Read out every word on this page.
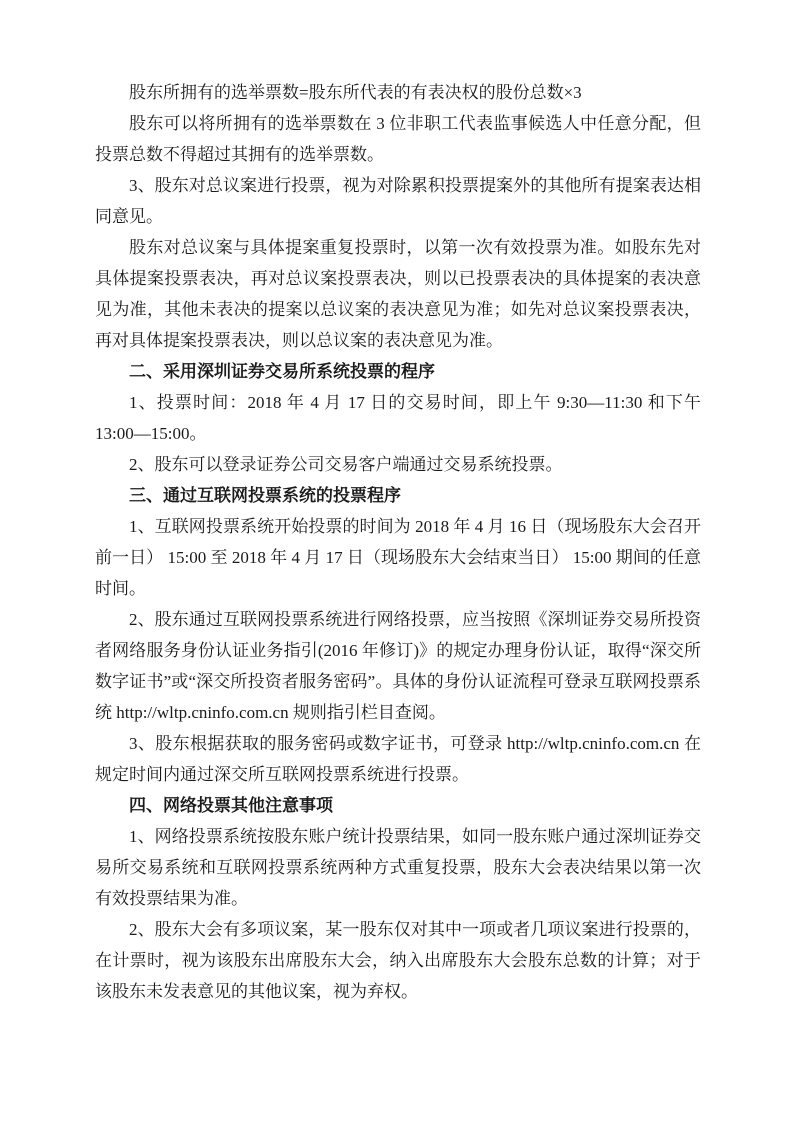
股东所拥有的选举票数=股东所代表的有表决权的股份总数×3

股东可以将所拥有的选举票数在 3 位非职工代表监事候选人中任意分配，但投票总数不得超过其拥有的选举票数。

3、股东对总议案进行投票，视为对除累积投票提案外的其他所有提案表达相同意见。

股东对总议案与具体提案重复投票时，以第一次有效投票为准。如股东先对具体提案投票表决，再对总议案投票表决，则以已投票表决的具体提案的表决意见为准，其他未表决的提案以总议案的表决意见为准；如先对总议案投票表决，再对具体提案投票表决，则以总议案的表决意见为准。

二、采用深圳证券交易所系统投票的程序

1、投票时间：2018 年 4 月 17 日的交易时间，即上午 9:30—11:30 和下午 13:00—15:00。

2、股东可以登录证券公司交易客户端通过交易系统投票。

三、通过互联网投票系统的投票程序

1、互联网投票系统开始投票的时间为 2018 年 4 月 16 日（现场股东大会召开前一日） 15:00 至 2018 年 4 月 17 日（现场股东大会结束当日） 15:00 期间的任意时间。

2、股东通过互联网投票系统进行网络投票，应当按照《深圳证券交易所投资者网络服务身份认证业务指引(2016 年修订)》的规定办理身份认证，取得“深交所数字证书”或“深交所投资者服务密码”。具体的身份认证流程可登录互联网投票系统 http://wltp.cninfo.com.cn 规则指引栏目查阅。

3、股东根据获取的服务密码或数字证书，可登录 http://wltp.cninfo.com.cn 在规定时间内通过深交所互联网投票系统进行投票。

四、网络投票其他注意事项

1、网络投票系统按股东账户统计投票结果，如同一股东账户通过深圳证券交易所交易系统和互联网投票系统两种方式重复投票，股东大会表决结果以第一次有效投票结果为准。

2、股东大会有多项议案，某一股东仅对其中一项或者几项议案进行投票的，在计票时，视为该股东出席股东大会，纳入出席股东大会股东总数的计算；对于该股东未发表意见的其他议案，视为弃权。
